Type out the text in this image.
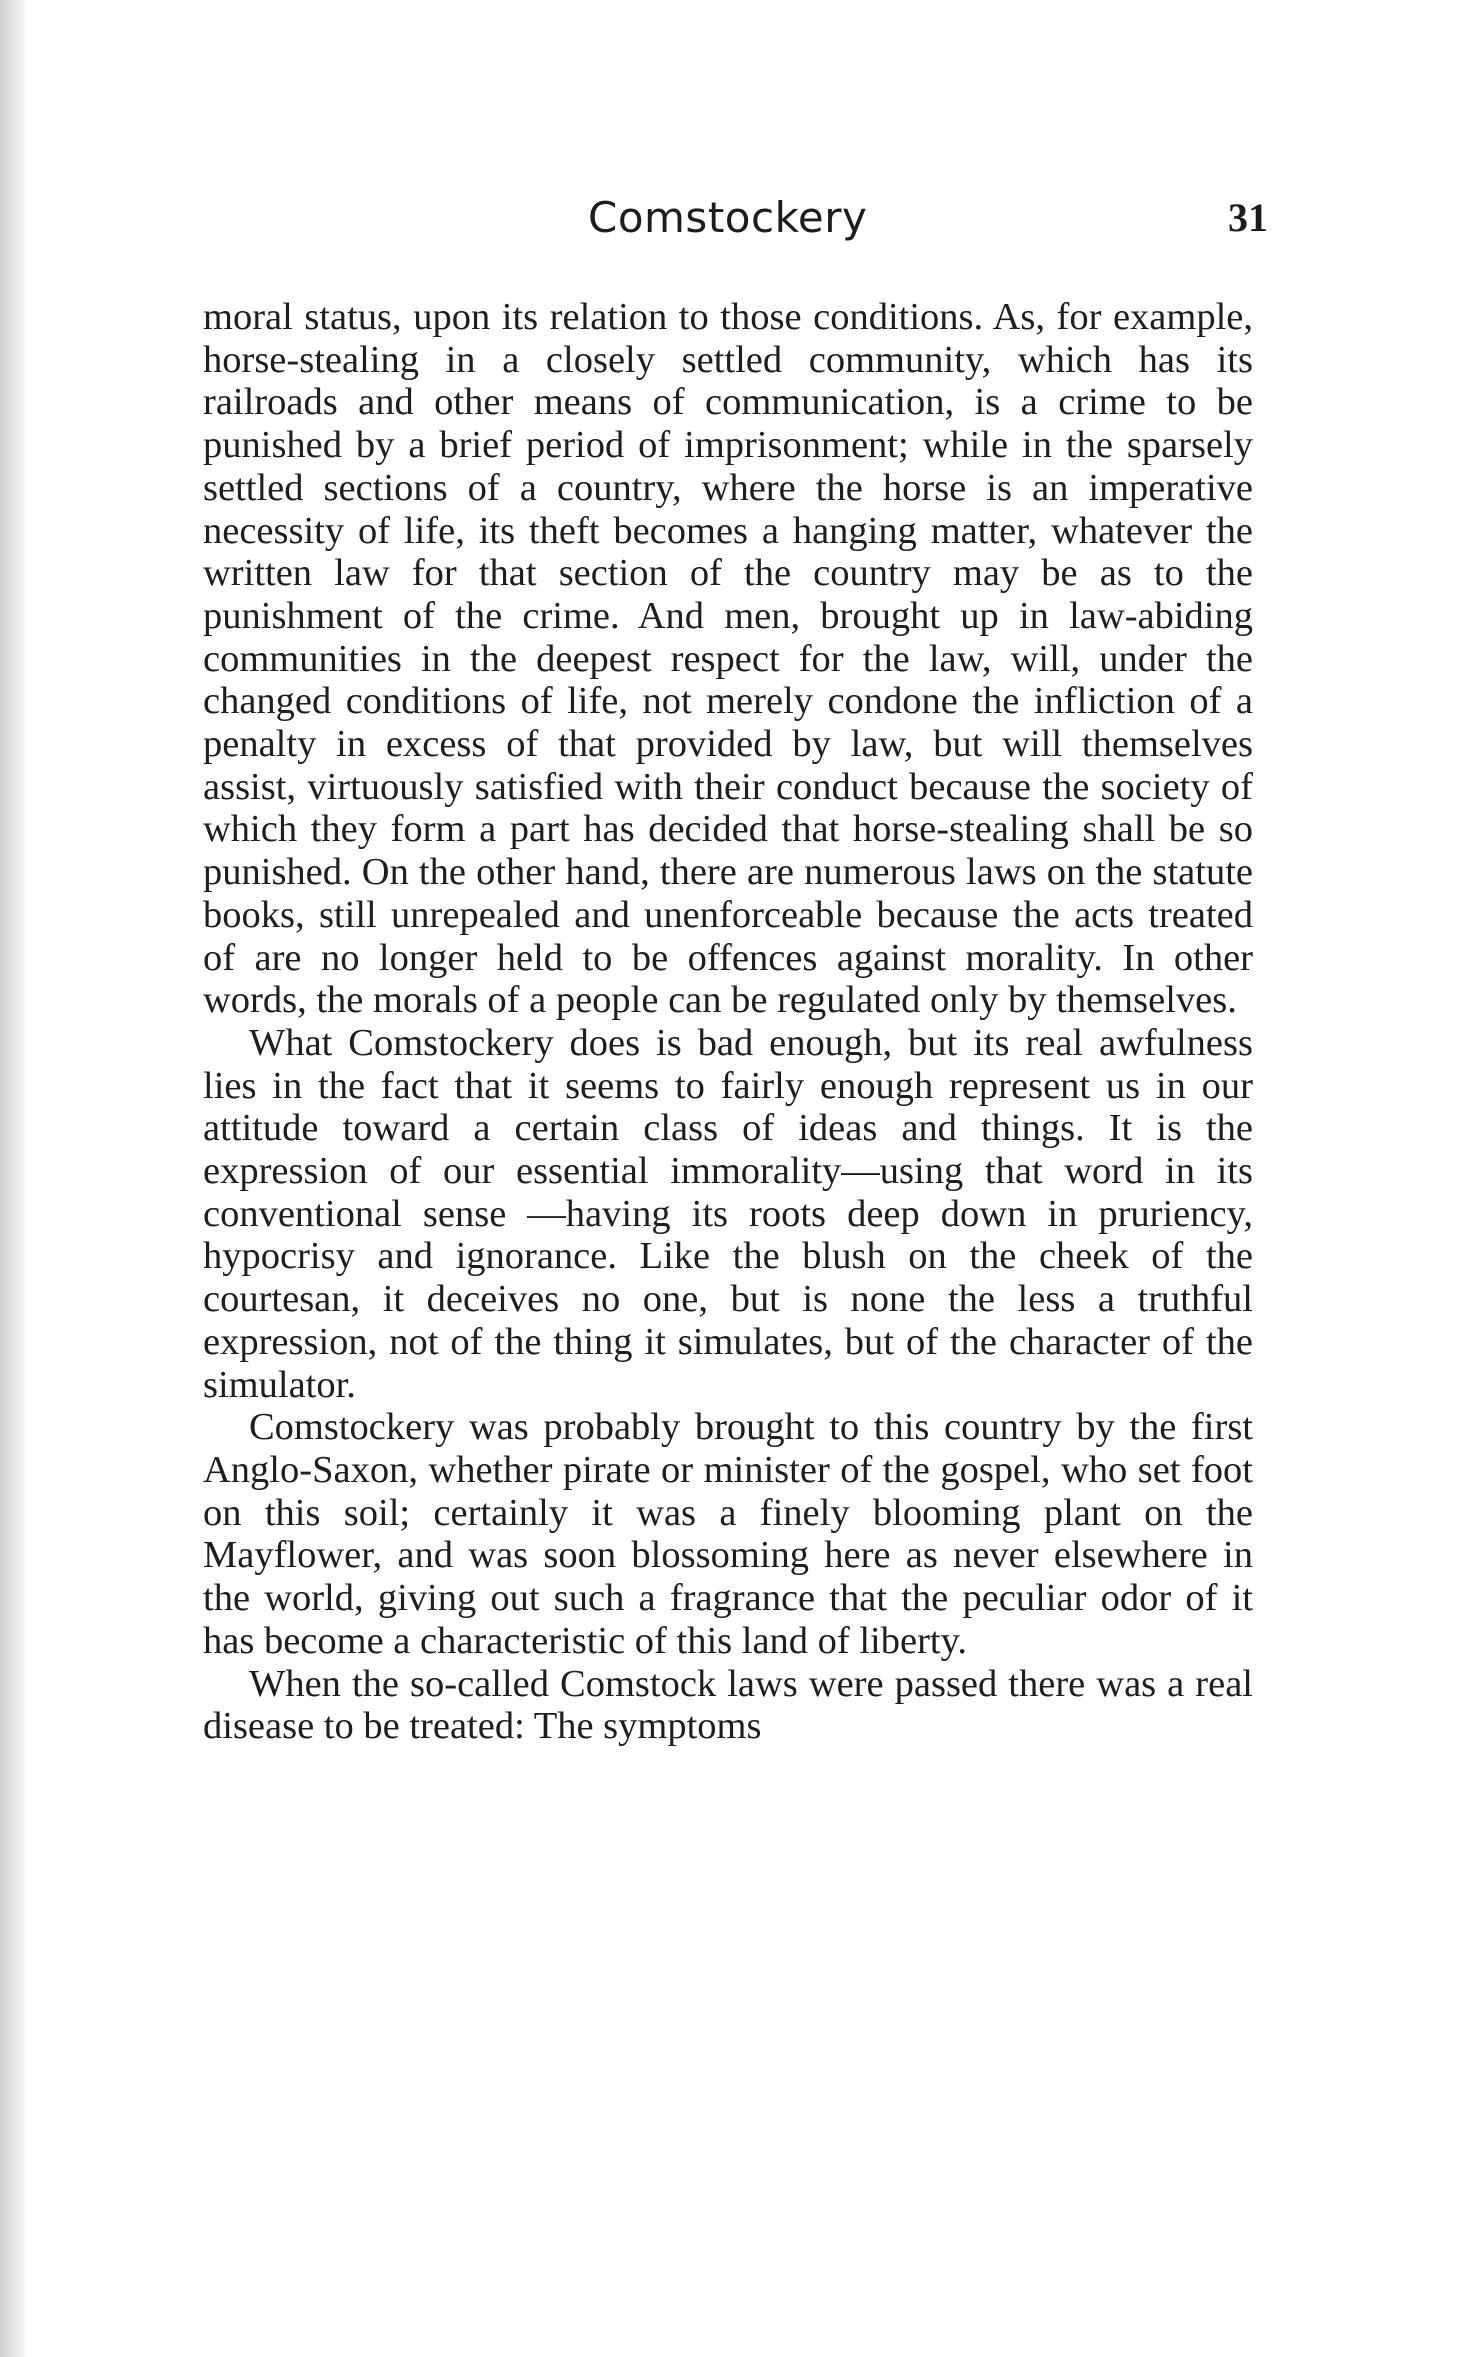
Comstockery	31

moral status, upon its relation to those conditions. As, for example, horse-stealing in a closely settled community, which has its railroads and other means of communication, is a crime to be punished by a brief period of imprisonment; while in the sparsely settled sections of a country, where the horse is an imperative necessity of life, its theft becomes a hanging matter, whatever the written law for that section of the country may be as to the punishment of the crime. And men, brought up in law-abiding communities in the deepest respect for the law, will, under the changed conditions of life, not merely condone the infliction of a penalty in excess of that provided by law, but will themselves assist, virtuously satisfied with their conduct because the society of which they form a part has decided that horse-stealing shall be so punished. On the other hand, there are numerous laws on the statute books, still unrepealed and unenforceable because the acts treated of are no longer held to be offences against morality. In other words, the morals of a people can be regulated only by themselves.

What Comstockery does is bad enough, but its real awfulness lies in the fact that it seems to fairly enough represent us in our attitude toward a certain class of ideas and things. It is the expression of our essential immorality—using that word in its conventional sense —having its roots deep down in pruriency, hypocrisy and ignorance. Like the blush on the cheek of the courtesan, it deceives no one, but is none the less a truthful expression, not of the thing it simulates, but of the character of the simulator.

Comstockery was probably brought to this country by the first Anglo-Saxon, whether pirate or minister of the gospel, who set foot on this soil; certainly it was a finely blooming plant on the Mayflower, and was soon blossoming here as never elsewhere in the world, giving out such a fragrance that the peculiar odor of it has become a characteristic of this land of liberty.

When the so-called Comstock laws were passed there was a real disease to be treated: The symptoms
